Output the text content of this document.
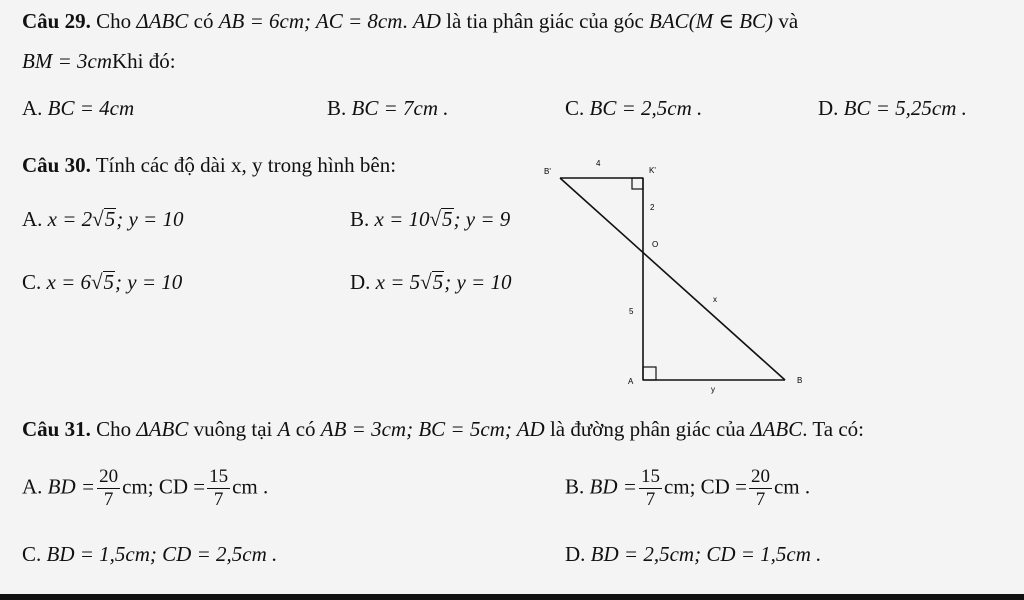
Câu 29. Cho ΔABC có AB = 6cm; AC = 8cm. AD là tia phân giác của góc BAC(M ∈ BC) và
BM = 3cmKhi đó:
A. BC = 4cm	B. BC = 7cm .	C. BC = 2,5cm .	D. BC = 5,25cm .
Câu 30. Tính các độ dài x, y trong hình bên:
A. x = 2√5; y = 10	B. x = 10√5; y = 9
C. x = 6√5; y = 10	D. x = 5√5; y = 10
B'	K'
4
2
O
5
x
A
y
B
Câu 31. Cho ΔABC vuông tại A có AB = 3cm; BC = 5cm; AD là đường phân giác của ΔABC. Ta có:
A. BD = $\frac{20}{7}$ cm; CD = $\frac{15}{7}$ cm .	B. BD = $\frac{15}{7}$ cm; CD = $\frac{20}{7}$ cm .
C. BD = 1,5cm; CD = 2,5cm .	D. BD = 2,5cm; CD = 1,5cm .
